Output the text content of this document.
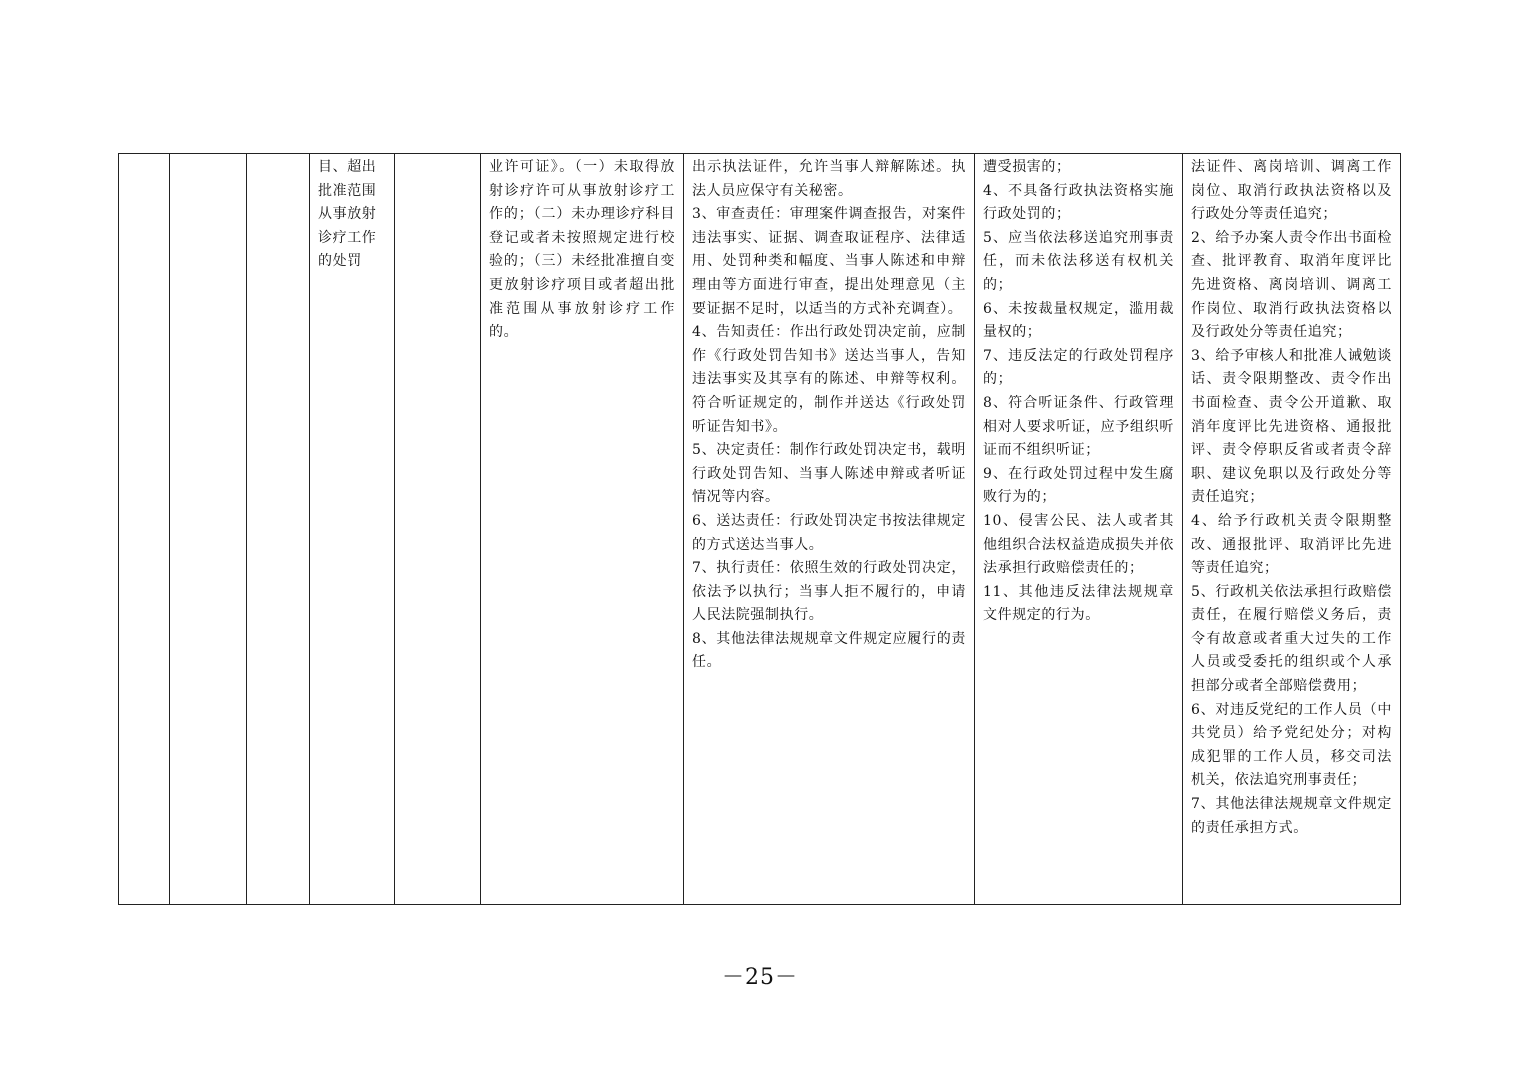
目、超出

批准范围

从事放射

诊疗工作

的处罚

业许可证》。（一）未取得放射诊疗许可从事放射诊疗工作的；（二）未办理诊疗科目登记或者未按照规定进行校验的；（三）未经批准擅自变更放射诊疗项目或者超出批准范围从事放射诊疗工作的。

出示执法证件，允许当事人辩解陈述。执法人员应保守有关秘密。

3、审查责任：审理案件调查报告，对案件违法事实、证据、调查取证程序、法律适用、处罚种类和幅度、当事人陈述和申辩理由等方面进行审查，提出处理意见（主要证据不足时，以适当的方式补充调查）。

4、告知责任：作出行政处罚决定前，应制作《行政处罚告知书》送达当事人，告知违法事实及其享有的陈述、申辩等权利。符合听证规定的，制作并送达《行政处罚听证告知书》。

5、决定责任：制作行政处罚决定书，载明行政处罚告知、当事人陈述申辩或者听证情况等内容。

6、送达责任：行政处罚决定书按法律规定的方式送达当事人。

7、执行责任：依照生效的行政处罚决定，依法予以执行；当事人拒不履行的，申请人民法院强制执行。

8、其他法律法规规章文件规定应履行的责任。

遭受损害的；

4、不具备行政执法资格实施行政处罚的；

5、应当依法移送追究刑事责任，而未依法移送有权机关的；

6、未按裁量权规定，滥用裁量权的；

7、违反法定的行政处罚程序的；

8、符合听证条件、行政管理相对人要求听证，应予组织听证而不组织听证；

9、在行政处罚过程中发生腐败行为的；

10、侵害公民、法人或者其他组织合法权益造成损失并依法承担行政赔偿责任的；

11、其他违反法律法规规章文件规定的行为。

法证件、离岗培训、调离工作岗位、取消行政执法资格以及行政处分等责任追究；

2、给予办案人责令作出书面检查、批评教育、取消年度评比先进资格、离岗培训、调离工作岗位、取消行政执法资格以及行政处分等责任追究；

3、给予审核人和批准人诫勉谈话、责令限期整改、责令作出书面检查、责令公开道歉、取消年度评比先进资格、通报批评、责令停职反省或者责令辞职、建议免职以及行政处分等责任追究；

4、给予行政机关责令限期整改、通报批评、取消评比先进等责任追究；

5、行政机关依法承担行政赔偿责任，在履行赔偿义务后，责令有故意或者重大过失的工作人员或受委托的组织或个人承担部分或者全部赔偿费用；

6、对违反党纪的工作人员（中共党员）给予党纪处分；对构成犯罪的工作人员，移交司法机关，依法追究刑事责任；

7、其他法律法规规章文件规定的责任承担方式。

－25－
